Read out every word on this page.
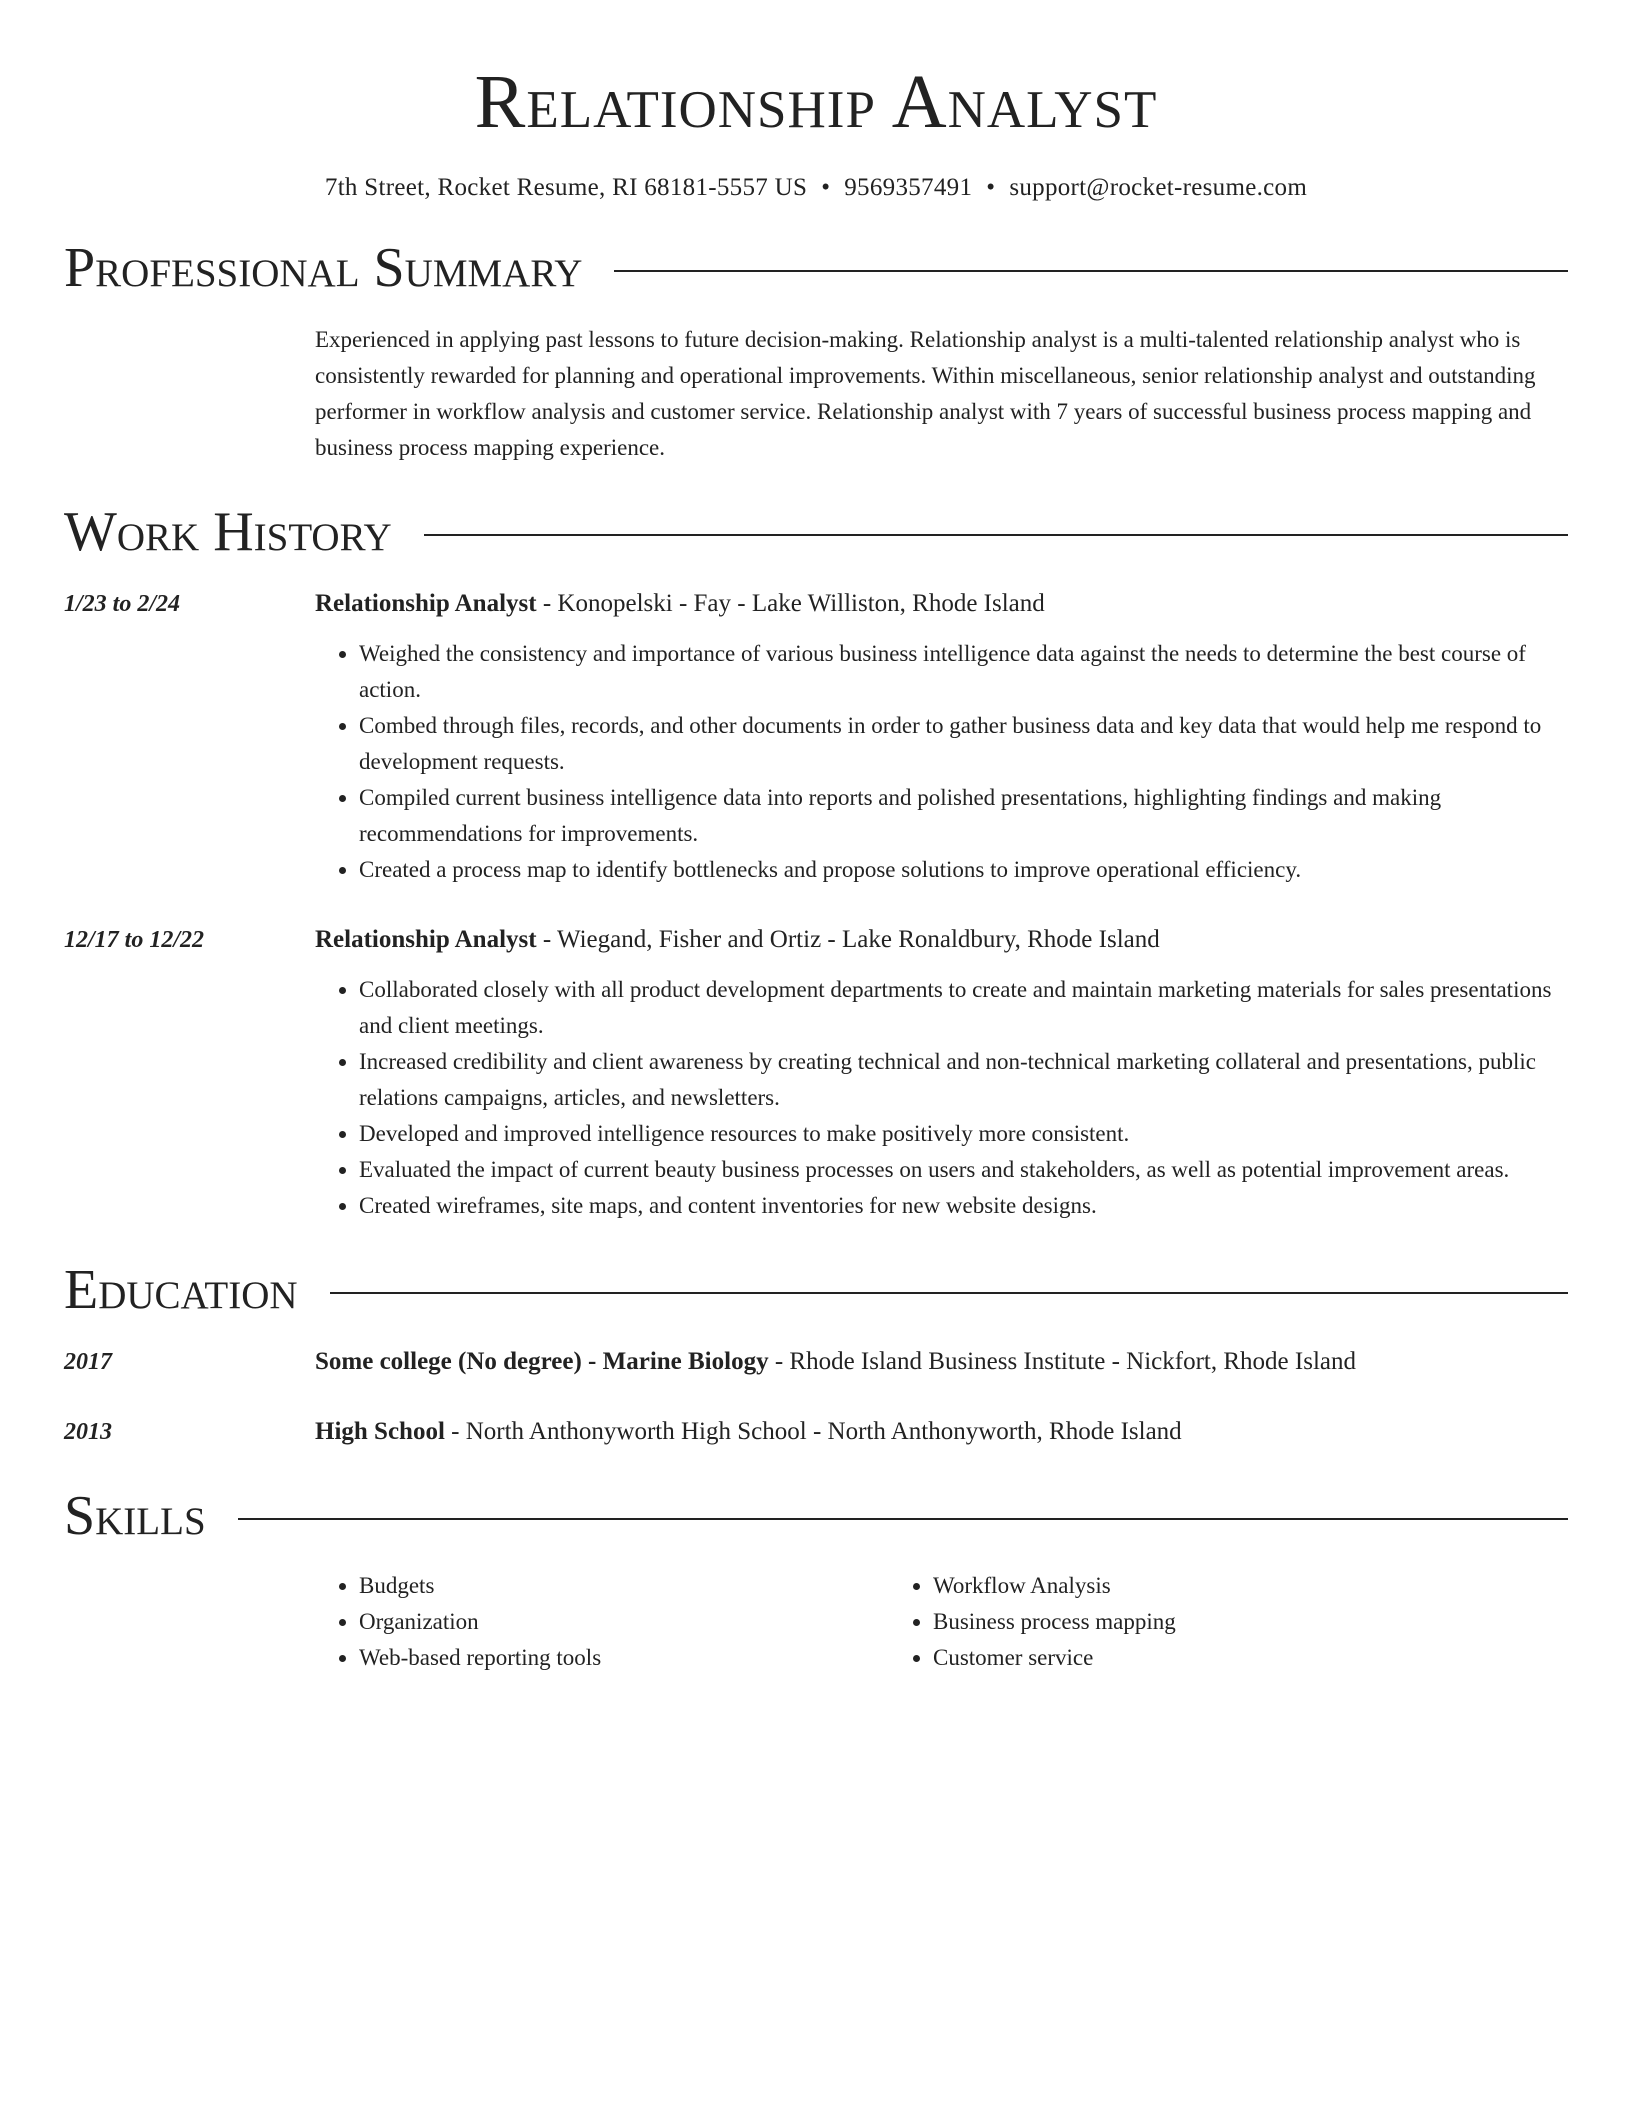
Relationship Analyst
7th Street, Rocket Resume, RI 68181-5557 US • 9569357491 • support@rocket-resume.com
Professional Summary
Experienced in applying past lessons to future decision-making. Relationship analyst is a multi-talented relationship analyst who is consistently rewarded for planning and operational improvements. Within miscellaneous, senior relationship analyst and outstanding performer in workflow analysis and customer service. Relationship analyst with 7 years of successful business process mapping and business process mapping experience.
Work History
1/23 to 2/24	Relationship Analyst - Konopelski - Fay - Lake Williston, Rhode Island
• Weighed the consistency and importance of various business intelligence data against the needs to determine the best course of action.
• Combed through files, records, and other documents in order to gather business data and key data that would help me respond to development requests.
• Compiled current business intelligence data into reports and polished presentations, highlighting findings and making recommendations for improvements.
• Created a process map to identify bottlenecks and propose solutions to improve operational efficiency.
12/17 to 12/22	Relationship Analyst - Wiegand, Fisher and Ortiz - Lake Ronaldbury, Rhode Island
• Collaborated closely with all product development departments to create and maintain marketing materials for sales presentations and client meetings.
• Increased credibility and client awareness by creating technical and non-technical marketing collateral and presentations, public relations campaigns, articles, and newsletters.
• Developed and improved intelligence resources to make positively more consistent.
• Evaluated the impact of current beauty business processes on users and stakeholders, as well as potential improvement areas.
• Created wireframes, site maps, and content inventories for new website designs.
Education
2017	Some college (No degree) - Marine Biology - Rhode Island Business Institute - Nickfort, Rhode Island
2013	High School - North Anthonyworth High School - North Anthonyworth, Rhode Island
Skills
• Budgets
• Organization
• Web-based reporting tools
• Workflow Analysis
• Business process mapping
• Customer service
